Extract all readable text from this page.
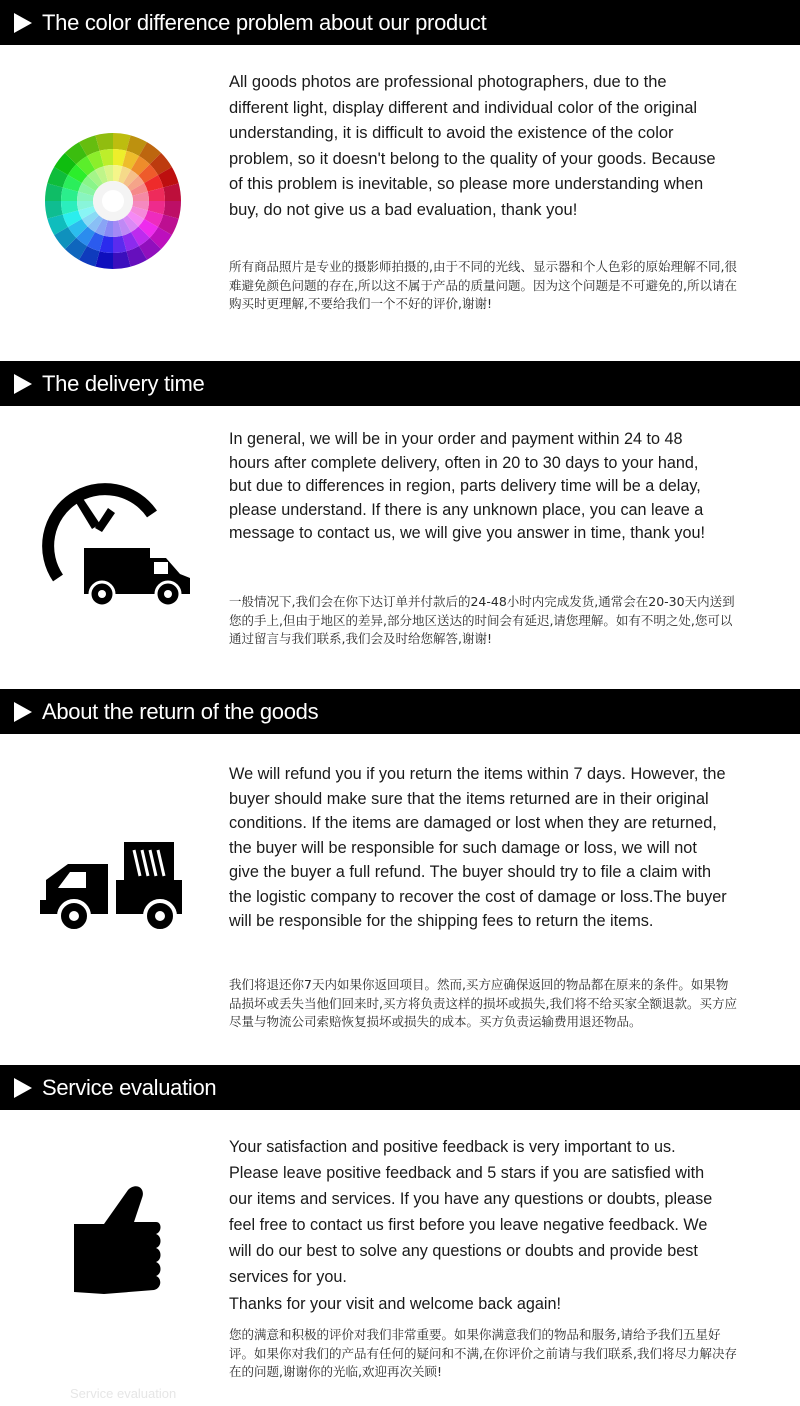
The color difference problem about our product
All goods photos are professional photographers, due to the different light, display different and individual color of the original understanding, it is difficult to avoid the existence of the color problem, so it doesn't belong to the quality of your goods. Because of this problem is inevitable, so please more understanding when buy, do not give us a bad evaluation, thank you!
所有商品照片是专业的摄影师拍摄的,由于不同的光线、显示器和个人色彩的原始理解不同,很难避免颜色问题的存在,所以这不属于产品的质量问题。因为这个问题是不可避免的,所以请在购买时更理解,不要给我们一个不好的评价,谢谢!
The delivery time
In general, we will be in your order and payment within 24 to 48 hours after complete delivery, often in 20 to 30 days to your hand, but due to differences in region, parts delivery time will be a delay, please understand. If there is any unknown place, you can leave a message to contact us, we will give you answer in time, thank you!
一般情况下,我们会在你下达订单并付款后的24-48小时内完成发货,通常会在20-30天内送到您的手上,但由于地区的差异,部分地区送达的时间会有延迟,请您理解。如有不明之处,您可以通过留言与我们联系,我们会及时给您解答,谢谢!
About the return of the goods
We will refund you if you return the items within 7 days. However, the buyer should make sure that the items returned are in their original conditions. If the items are damaged or lost when they are returned, the buyer will be responsible for such damage or loss, we will not give the buyer a full refund. The buyer should try to file a claim with the logistic company to recover the cost of damage or loss.The buyer will be responsible for the shipping fees to return the items.
我们将退还你7天内如果你返回项目。然而,买方应确保返回的物品都在原来的条件。如果物品损坏或丢失当他们回来时,买方将负责这样的损坏或损失,我们将不给买家全额退款。买方应尽量与物流公司索赔恢复损坏或损失的成本。买方负责运输费用退还物品。
Service evaluation
Your satisfaction and positive feedback is very important to us. Please leave positive feedback and 5 stars if you are satisfied with our items and services. If you have any questions or doubts, please feel free to contact us first before you leave negative feedback. We will do our best to solve any questions or doubts and provide best services for you.
Thanks for your visit and welcome back again!
您的满意和积极的评价对我们非常重要。如果你满意我们的物品和服务,请给予我们五星好评。如果你对我们的产品有任何的疑问和不满,在你评价之前请与我们联系,我们将尽力解决存在的问题,谢谢你的光临,欢迎再次关顾!
Service evaluation
